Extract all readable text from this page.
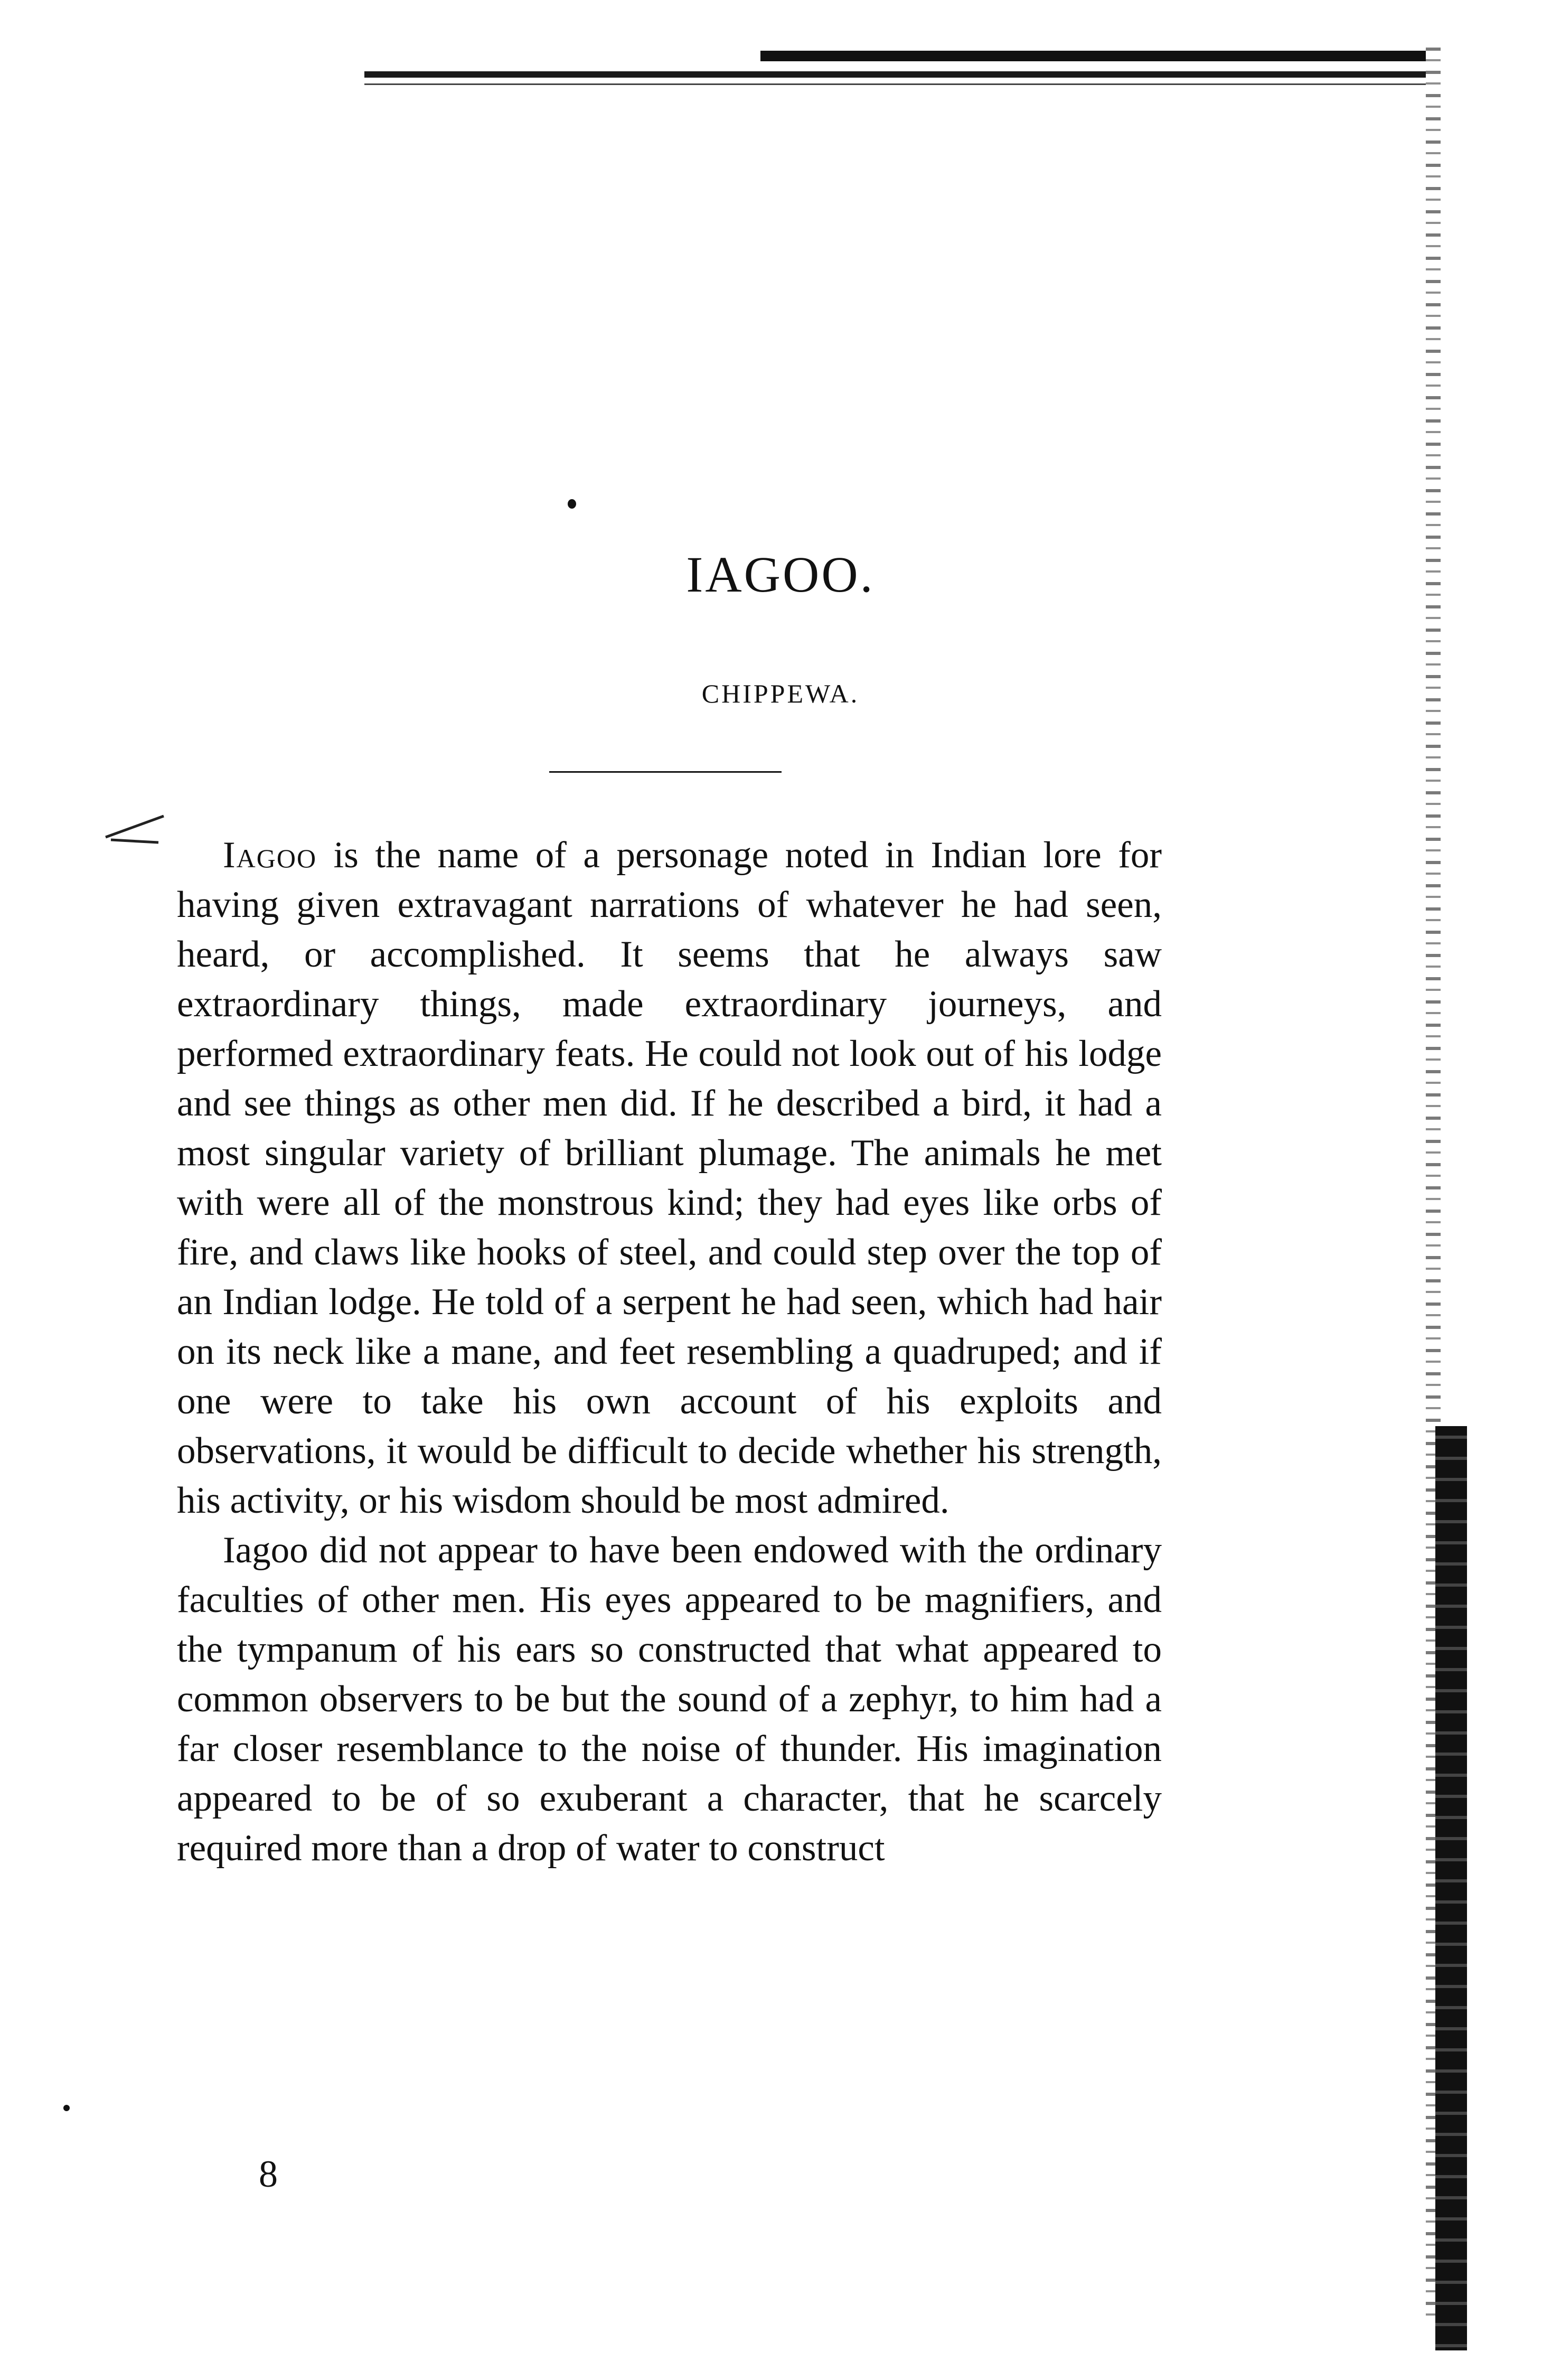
IAGOO.
CHIPPEWA.

Iagoo is the name of a personage noted in Indian lore for having given extravagant narrations of whatever he had seen, heard, or accomplished. It seems that he always saw extraordinary things, made extraordinary journeys, and performed extraordinary feats. He could not look out of his lodge and see things as other men did. If he described a bird, it had a most singular variety of brilliant plumage. The animals he met with were all of the monstrous kind; they had eyes like orbs of fire, and claws like hooks of steel, and could step over the top of an Indian lodge. He told of a serpent he had seen, which had hair on its neck like a mane, and feet resembling a quadruped; and if one were to take his own account of his exploits and observations, it would be difficult to decide whether his strength, his activity, or his wisdom should be most admired.

Iagoo did not appear to have been endowed with the ordinary faculties of other men. His eyes appeared to be magnifiers, and the tympanum of his ears so constructed that what appeared to common observers to be but the sound of a zephyr, to him had a far closer resemblance to the noise of thunder. His imagination appeared to be of so exuberant a character, that he scarcely required more than a drop of water to construct

8
